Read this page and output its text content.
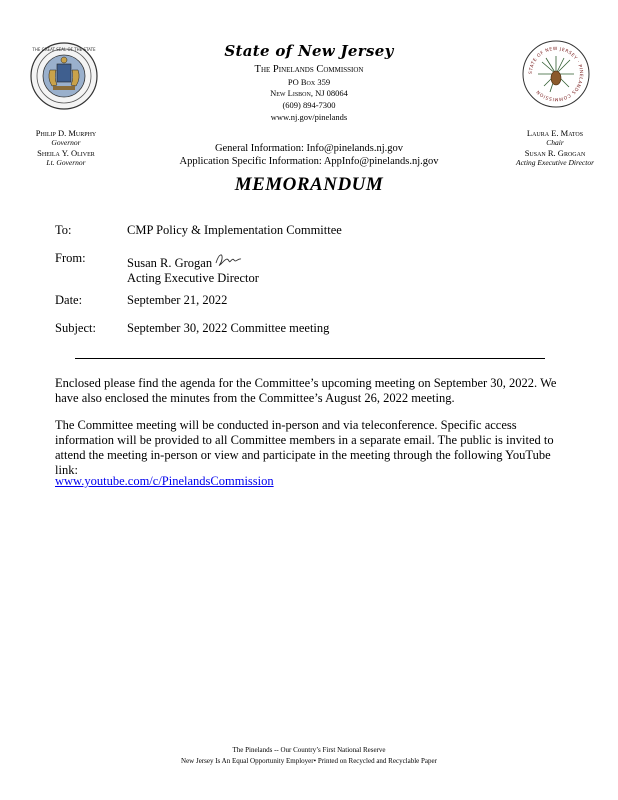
THE GREAT SEAL OF THE STATE
STATE OF NEW JERSEY · PINELANDS COMMISSION
State of New Jersey
The Pinelands Commission
PO Box 359
New Lisbon, NJ 08064
(609) 894-7300
www.nj.gov/pinelands
General Information: Info@pinelands.nj.gov
Application Specific Information: AppInfo@pinelands.nj.gov
Philip D. Murphy
Governor
Sheila Y. Oliver
Lt. Governor
Laura E. Matos
Chair
Susan R. Grogan
Acting Executive Director
MEMORANDUM
To:	CMP Policy & Implementation Committee
From:	Susan R. Grogan
Acting Executive Director
Date:	September 21, 2022
Subject: September 30, 2022 Committee meeting
Enclosed please find the agenda for the Committee’s upcoming meeting on September 30, 2022. We have also enclosed the minutes from the Committee’s August 26, 2022 meeting.
The Committee meeting will be conducted in-person and via teleconference. Specific access information will be provided to all Committee members in a separate email. The public is invited to attend the meeting in-person or view and participate in the meeting through the following YouTube link:
www.youtube.com/c/PinelandsCommission
The Pinelands -- Our Country’s First National Reserve
New Jersey Is An Equal Opportunity Employer• Printed on Recycled and Recyclable Paper
